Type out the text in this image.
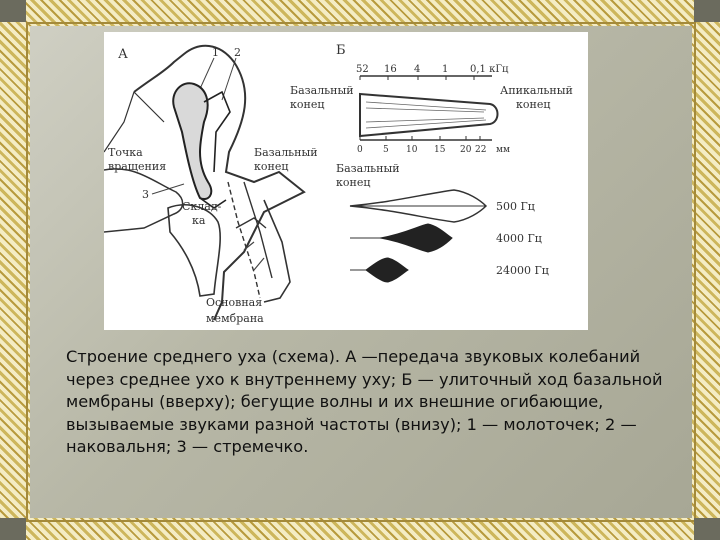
А	1 2
3
Точка
вращения
Базальный
конец
Склад-
ка
Основная
мембрана
Б
52 16 4 1 0,1 кГц
Базальный
конец
Апикальный
конец
0 5 10 15 20 22 мм
Базальный
конец
500 Гц
4000 Гц
24000 Гц
Строение среднего уха (схема). А —передача звуковых колебаний через среднее ухо к внутреннему уху; Б — улиточный ход базальной мембраны (вверху); бегущие волны и их внешние огибающие, вызываемые звуками разной частоты (внизу); 1 — молоточек; 2 — наковальня; 3 — стремечко.
